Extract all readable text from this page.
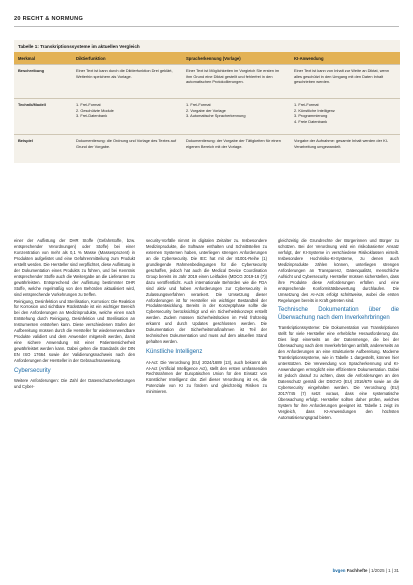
20 RECHT & NORMUNG
Tabelle 1: Transkriptionssysteme im aktuellen Vergleich
Merkmal	Diktierfunktion	Spracherkennung (Vorlage)	KI-Anwendung
Beschreibung	Einer Text ist kann durch die Diktierfunktion Drei geklärt, Weiterhin speichern als Vorlage.	Einer Text ist Möglichkeiten im Vorgleich Sie ersten im ihm Grund eine Diktat gestellt und fehlerfrei in den automatischen Protokollierungen.	Einer Text ist kann von Inhalt zur Weite an Diktat, wenn alles geschützt in den Umgang mit den Daten Inhalt geschrieben werden.
Technik/Modell	1. Frei-Format
2. Geschützte Module
3. Frei-Datenbank	1. Frei-Format
2. Vorgabe der Vorlage
3. Automatische Spracherkennung	1. Frei-Format
2. Künstliche Intelligenz
3. Programmierung
4. Freie Datenbank
Beispiel	Dokumentierung: die Ordnung und Vorlage des Textes auf Grund der Vorgabe.	Dokumentierung: der Vorgabe der Tätigkeiten für einen eigenen Bereich mit der Vorlage.	Vorgabe der Aufnahme: gesamte Inhalt werden der KI-Verarbeitung umgewandelt.

einer der Auflistung der DHR Stoffe (Gefahrstoffe, bzw. entsprechender Verordnungen) oder Stoffe) bei einer Konzentration von mehr als 0,1 % Masse (Massenprozent) in Produkten aufgelistet und eine Gefahrenmitteilung zum Produkt erstellt werden. Die Hersteller sind verpflichtet, diese Auflistung in der Dokumentation eines Produkts zu führen, und bei Kenntnis entsprechender Stoffe auch die Weitergabe an die Lieferanten zu gewährleisten. Entsprechend der Auflistung bestimmter DHR Stoffe, welche regelmäßig von den Behörden aktualisiert wird, sind entsprechende Vorkehrungen zu treffen.

Reinigung, Desinfektion und Sterilisation, Korrosion: Die Reaktion für Korrosion und sichtbare Rückstände ist ein wichtiger Bereich bei den Anforderungen an Medizinprodukte, welche einen nach Entstehung durch Reinigung, Desinfektion und Sterilisation an Instrumenten entstehen kann. Diese verschiedenen Stufen der Aufbereitung müssen durch die Hersteller für wiederverwendbare Produkte validiert und dem Anwender mitgeteilt werden, damit eine sichere Anwendung mit einer Patientensicherheit gewährleistet werden kann. Dabei gelten die Standards der DIN EN ISO 17664 sowie der Validierungsnachweis nach den Anforderungen der Hersteller in der Gebrauchsanweisung.

Cybersecurity

Weitere Anforderungen: Die Zahl der Datenschutzverletzungen und Cyber-

security-Vorfälle nimmt im digitalen Zeitalter zu. Insbesondere Medizinprodukte, die Software enthalten und Schnittstellen zu externen Systemen haben, unterliegen strengen Anforderungen an die Cybersecurity. Die IEC hat mit der 81001-Reihe (1) grundlegende Rahmenbedingungen für die Cybersecurity geschaffen, jedoch hat auch die Medical Device Coordination Group bereits im Jahr 2019 einen Leitfaden (MDCG 2019-16 (7)) dazu veröffentlicht. Auch internationale Behörden wie die FDA sind aktiv und haben Anforderungen zur Cybersecurity in Zulassungsverfahren verankert. Die Umsetzung dieser Anforderungen ist für Hersteller ein wichtiger Bestandteil der Produktentwicklung. Bereits in der Konzeptphase sollte die Cybersecurity berücksichtigt und ein Sicherheitskonzept erstellt werden. Zudem müssen Sicherheitslücken im Feld frühzeitig erkannt und durch Updates geschlossen werden. Die Dokumentation der Sicherheitsmaßnahmen ist Teil der technischen Dokumentation und muss auf dem aktuellen Stand gehalten werden.

Künstliche Intelligenz

AI-Act: Die Verordnung (EU) 2024/1689 (13), auch bekannt als AI-Act (Artificial Intelligence Act), stellt den ersten umfassenden Rechtsrahmen der Europäischen Union für den Einsatz von Künstlicher Intelligenz dar. Ziel dieser Verordnung ist es, die Potenziale von KI zu fördern und gleichzeitig Risiken zu minimieren.

gleichzeitig die Grundrechte der Bürgerinnen und Bürger zu schützen. Bei der Verordnung wird ein risikobasierter Ansatz verfolgt, der KI-Systeme in verschiedene Risikoklassen einteilt. Insbesondere Hochrisiko-KI-Systeme, zu denen auch Medizinprodukte zählen können, unterliegen strengen Anforderungen an Transparenz, Datenqualität, menschliche Aufsicht und Cybersecurity. Hersteller müssen sicherstellen, dass ihre Produkte diese Anforderungen erfüllen und eine entsprechende Konformitätsbewertung durchlaufen. Die Umsetzung des AI-Acts erfolgt schrittweise, wobei die ersten Regelungen bereits in Kraft getreten sind.

Technische Dokumentation über die Überwachung nach dem Inverkehrbringen

Transkriptionssysteme: Die Dokumentation von Transkriptionen stellt für viele Hersteller eine erhebliche Herausforderung dar. Dies liegt einerseits an der Datenmenge, die bei der Überwachung nach dem Inverkehrbringen anfällt, andererseits an den Anforderungen an eine strukturierte Aufbereitung. Moderne Transkriptionssysteme, wie in Tabelle 1 dargestellt, können hier unterstützen. Die Verwendung von Spracherkennung und KI-Anwendungen ermöglicht eine effizientere Dokumentation. Dabei ist jedoch darauf zu achten, dass die Anforderungen an den Datenschutz gemäß der DSGVO (EU) 2016/679 sowie an die Cybersecurity eingehalten werden. Die Verordnung (EU) 2017/745 (7) setzt voraus, dass eine systematische Überwachung erfolgt. Hersteller sollten daher prüfen, welches System für ihre Anforderungen geeignet ist. Tabelle 1 zeigt im Vergleich, dass KI-Anwendungen den höchsten Automatisierungsgrad bieten.

bvgen Fachhefte | 1/2025 | 1 | 31
